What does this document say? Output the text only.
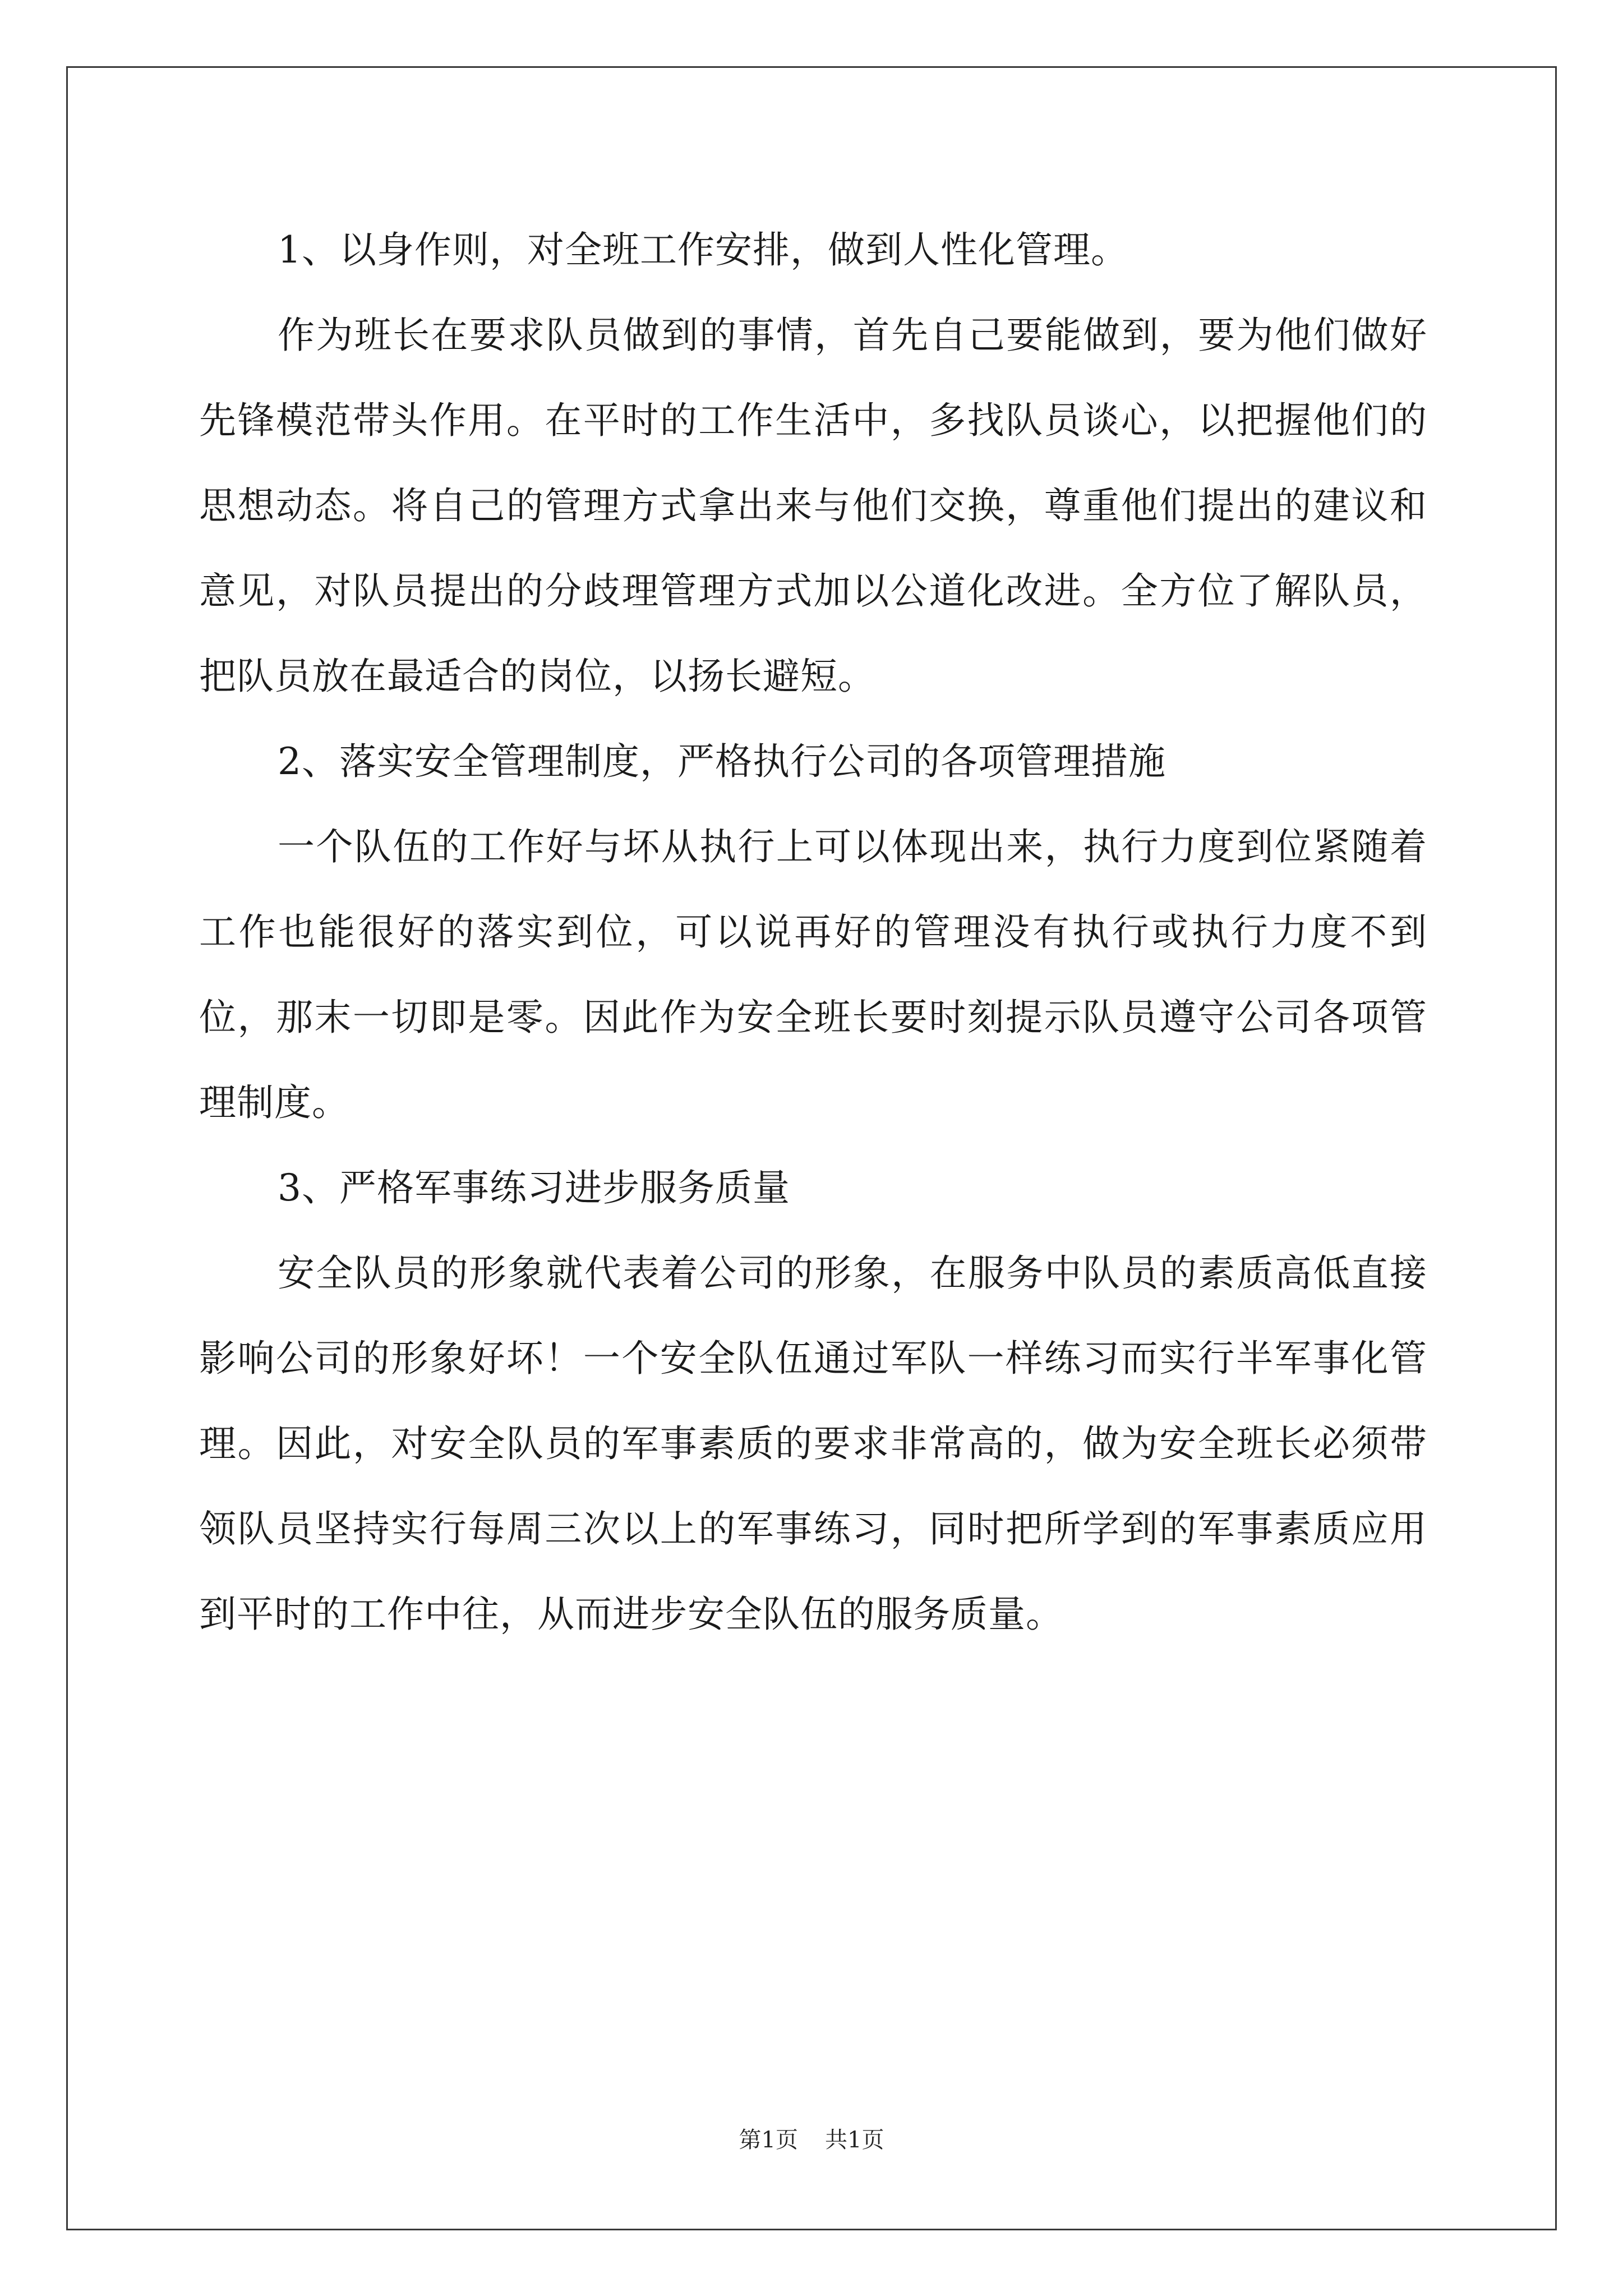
1、以身作则，对全班工作安排，做到人性化管理。

作为班长在要求队员做到的事情，首先自己要能做到，要为他们做好先锋模范带头作用。在平时的工作生活中，多找队员谈心，以把握他们的思想动态。将自己的管理方式拿出来与他们交换，尊重他们提出的建议和意见，对队员提出的分歧理管理方式加以公道化改进。全方位了解队员，把队员放在最适合的岗位，以扬长避短。

2、落实安全管理制度，严格执行公司的各项管理措施

一个队伍的工作好与坏从执行上可以体现出来，执行力度到位紧随着工作也能很好的落实到位，可以说再好的管理没有执行或执行力度不到位，那末一切即是零。因此作为安全班长要时刻提示队员遵守公司各项管理制度。

3、严格军事练习进步服务质量

安全队员的形象就代表着公司的形象，在服务中队员的素质高低直接影响公司的形象好坏！一个安全队伍通过军队一样练习而实行半军事化管理。因此，对安全队员的军事素质的要求非常高的，做为安全班长必须带领队员坚持实行每周三次以上的军事练习，同时把所学到的军事素质应用到平时的工作中往，从而进步安全队伍的服务质量。

第1页 共1页
